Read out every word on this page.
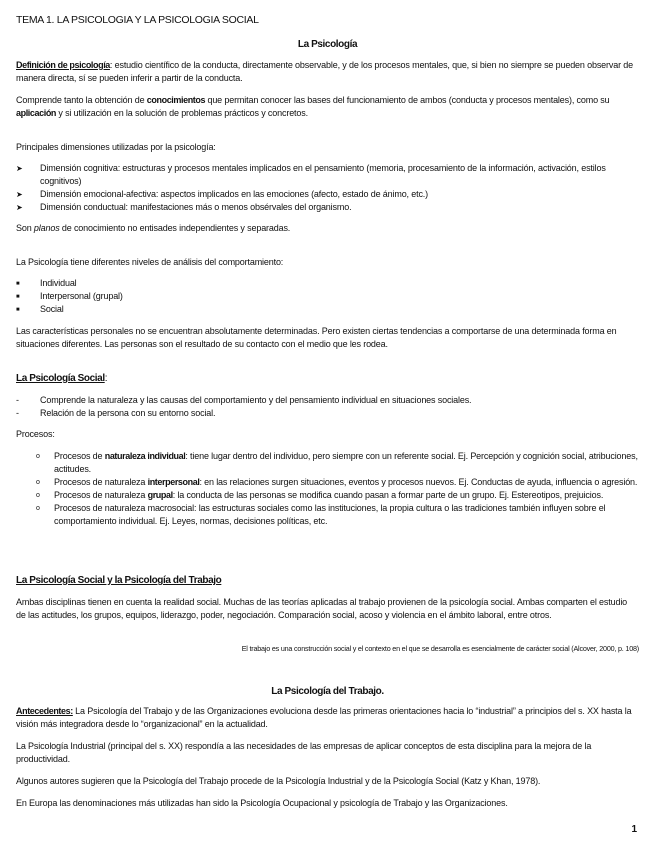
TEMA 1. LA PSICOLOGIA Y LA PSICOLOGIA SOCIAL
La Psicología
Definición de psicología: estudio científico de la conducta, directamente observable, y de los procesos mentales, que, si bien no siempre se pueden observar de manera directa, sí se pueden inferir a partir de la conducta.
Comprende tanto la obtención de conocimientos que permitan conocer las bases del funcionamiento de ambos (conducta y procesos mentales), como su aplicación y si utilización en la solución de problemas prácticos y concretos.
Principales dimensiones utilizadas por la psicología:
➤ Dimensión cognitiva: estructuras y procesos mentales implicados en el pensamiento (memoria, procesamiento de la información, activación, estilos cognitivos)
➤ Dimensión emocional-afectiva: aspectos implicados en las emociones (afecto, estado de ánimo, etc.)
➤ Dimensión conductual: manifestaciones más o menos obsérvales del organismo.
Son planos de conocimiento no entisades independientes y separadas.
La Psicología tiene diferentes niveles de análisis del comportamiento:
■ Individual
■ Interpersonal (grupal)
■ Social
Las características personales no se encuentran absolutamente determinadas. Pero existen ciertas tendencias a comportarse de una determinada forma en situaciones diferentes. Las personas son el resultado de su contacto con el medio que les rodea.
La Psicología Social:
- Comprende la naturaleza y las causas del comportamiento y del pensamiento individual en situaciones sociales.
- Relación de la persona con su entorno social.
Procesos:
o Procesos de naturaleza individual: tiene lugar dentro del individuo, pero siempre con un referente social. Ej. Percepción y cognición social, atribuciones, actitudes.
o Procesos de naturaleza interpersonal: en las relaciones surgen situaciones, eventos y procesos nuevos. Ej. Conductas de ayuda, influencia o agresión.
o Procesos de naturaleza grupal: la conducta de las personas se modifica cuando pasan a formar parte de un grupo. Ej. Estereotipos, prejuicios.
o Procesos de naturaleza macrosocial: las estructuras sociales como las instituciones, la propia cultura o las tradiciones también influyen sobre el comportamiento individual. Ej. Leyes, normas, decisiones políticas, etc.
La Psicología Social y la Psicología del Trabajo
Ambas disciplinas tienen en cuenta la realidad social. Muchas de las teorías aplicadas al trabajo provienen de la psicología social. Ambas comparten el estudio de las actitudes, los grupos, equipos, liderazgo, poder, negociación. Comparación social, acoso y violencia en el ámbito laboral, entre otros.
El trabajo es una construcción social y el contexto en el que se desarrolla es esencialmente de carácter social (Alcover, 2000, p. 108)
La Psicología del Trabajo.
Antecedentes: La Psicología del Trabajo y de las Organizaciones evoluciona desde las primeras orientaciones hacia lo “industrial” a principios del s. XX hasta la visión más integradora desde lo “organizacional” en la actualidad.
La Psicología Industrial (principal del s. XX) respondía a las necesidades de las empresas de aplicar conceptos de esta disciplina para la mejora de la productividad.
Algunos autores sugieren que la Psicología del Trabajo procede de la Psicología Industrial y de la Psicología Social (Katz y Khan, 1978).
En Europa las denominaciones más utilizadas han sido la Psicología Ocupacional y psicología de Trabajo y las Organizaciones.
1
